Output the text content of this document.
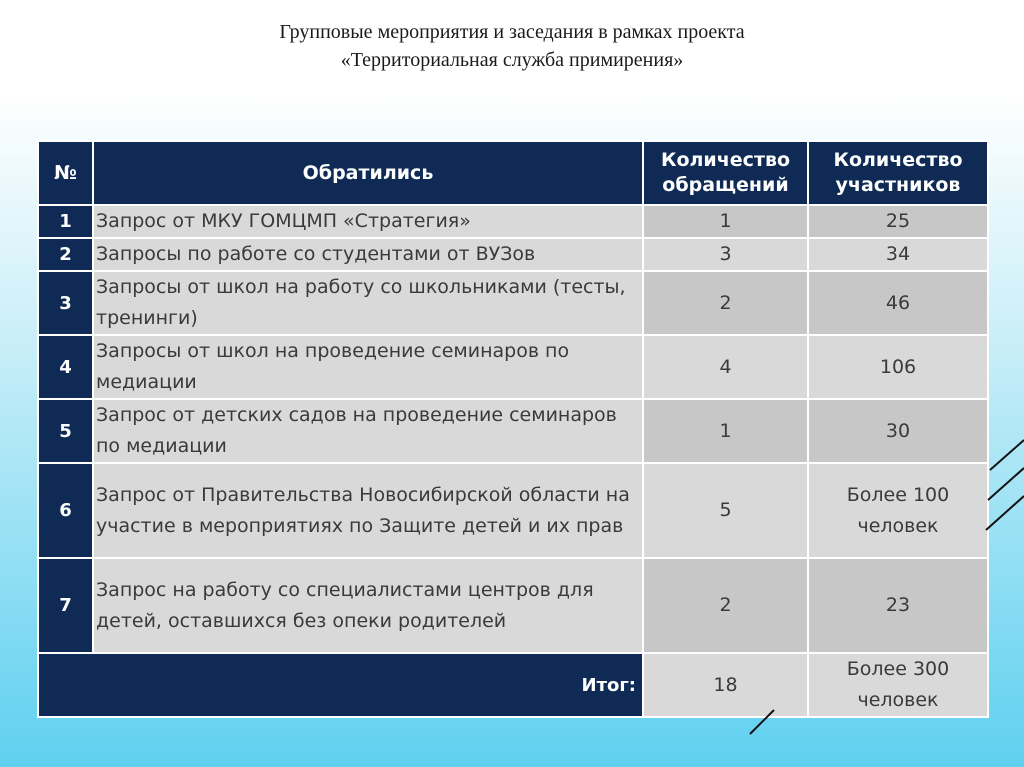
Групповые мероприятия и заседания в рамках проекта
«Территориальная служба примирения»
№	Обратились	Количество обращений	Количество участников
1	Запрос от МКУ ГОМЦМП «Стратегия»	1	25
2	Запросы по работе со студентами от ВУЗов	3	34
3	Запросы от школ на работу со школьниками (тесты, тренинги)	2	46
4	Запросы от школ на проведение семинаров по медиации	4	106
5	Запрос от детских садов на проведение семинаров по медиации	1	30
6	Запрос от Правительства Новосибирской области на участие в мероприятиях по Защите детей и их прав	5	Более 100 человек
7	Запрос на работу со специалистами центров для детей, оставшихся без опеки родителей	2	23
Итог:		18	Более 300 человек
